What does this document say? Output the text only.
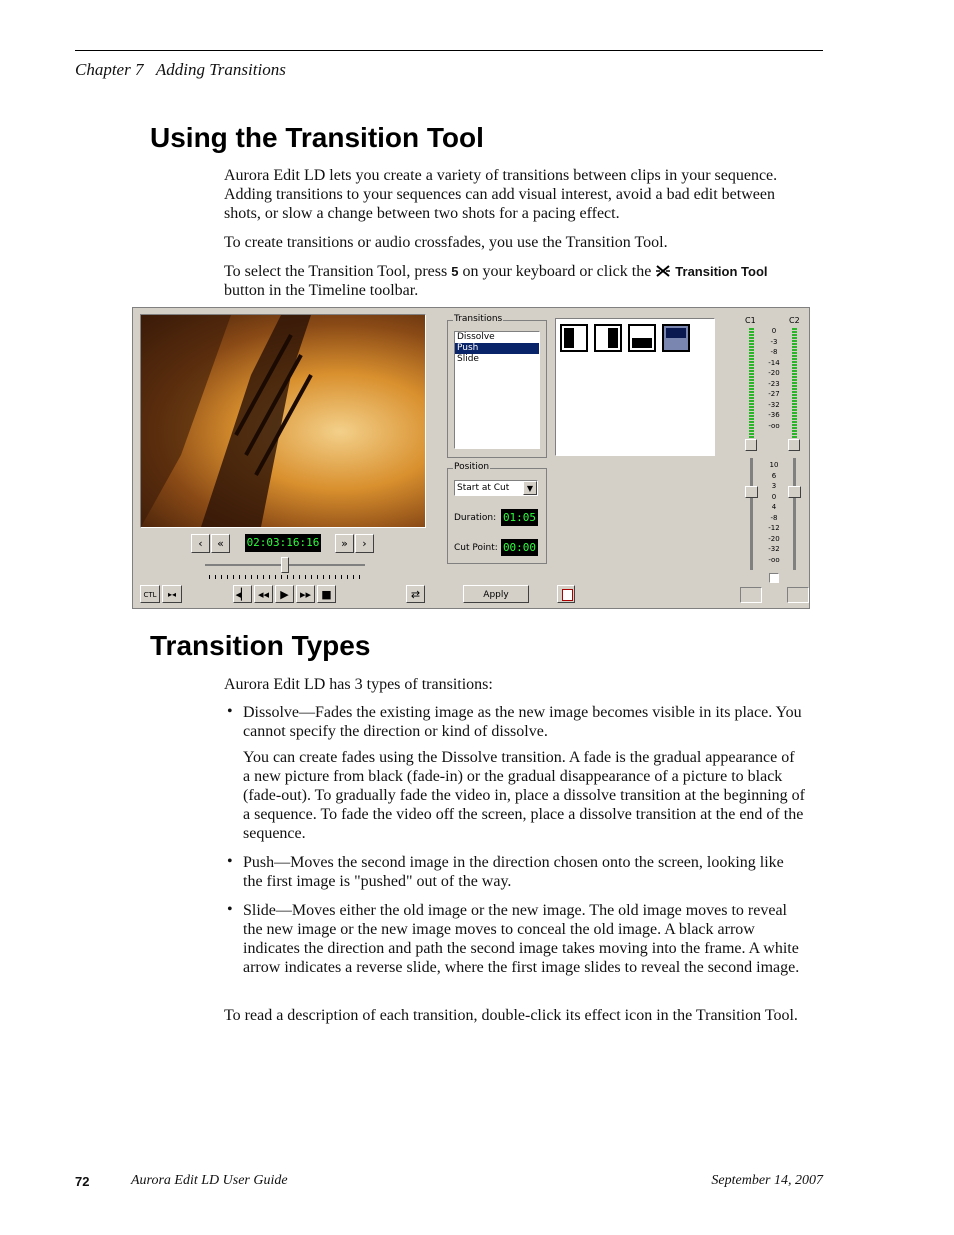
Chapter 7   Adding Transitions
Using the Transition Tool
Aurora Edit LD lets you create a variety of transitions between clips in your sequence. Adding transitions to your sequences can add visual interest, avoid a bad edit between shots, or slow a change between two shots for a pacing effect.
To create transitions or audio crossfades, you use the Transition Tool.
To select the Transition Tool, press 5 on your keyboard or click the  Transition Tool
button in the Timeline toolbar.
‹	«	02:03:16:16	»	›
CTL	▸◂	◂▏ ◂◂	▶	▸▸ ■	⇄
Transitions
Dissolve
Push
Slide
Position
Start at Cut	▼
Duration: 01:05
Cut Point: 00:00
Apply
C1	C2
0
-3
-8
-14
-20
-23
-27
-32
-36
-oo
10
6
3
0
4
-8
-12
-20
-32
-oo
Transition Types
Aurora Edit LD has 3 types of transitions:
• Dissolve—Fades the existing image as the new image becomes visible in its place. You cannot specify the direction or kind of dissolve.
You can create fades using the Dissolve transition. A fade is the gradual appearance of a new picture from black (fade-in) or the gradual disappearance of a picture to black (fade-out). To gradually fade the video in, place a dissolve transition at the beginning of a sequence. To fade the video off the screen, place a dissolve transition at the end of the sequence.
• Push—Moves the second image in the direction chosen onto the screen, looking like the first image is "pushed" out of the way.
• Slide—Moves either the old image or the new image. The old image moves to reveal the new image or the new image moves to conceal the old image. A black arrow indicates the direction and path the second image takes moving into the frame. A white arrow indicates a reverse slide, where the first image slides to reveal the second image.
To read a description of each transition, double-click its effect icon in the Transition Tool.
72	Aurora Edit LD User Guide	September 14, 2007
